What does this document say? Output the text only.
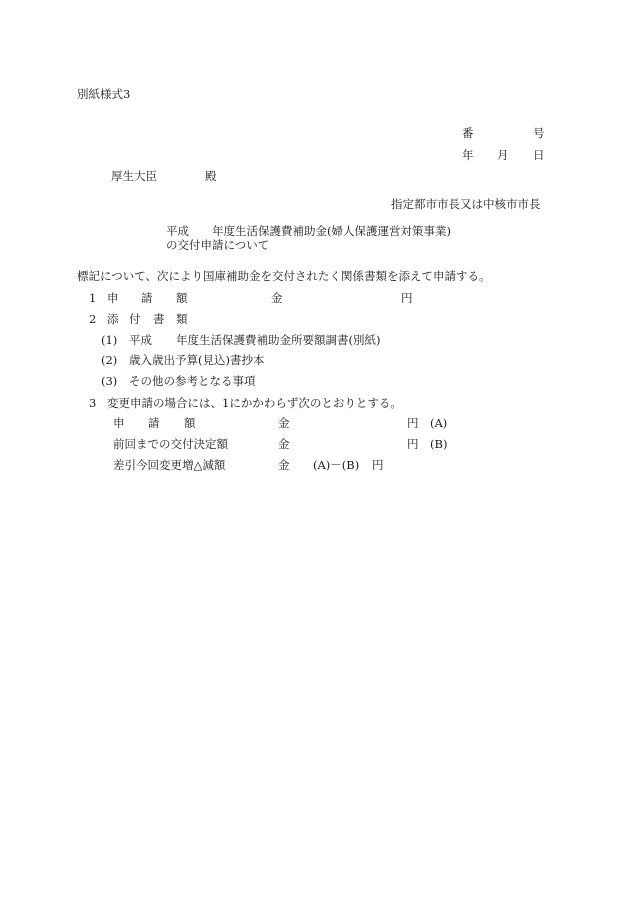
別紙様式3
番	号
年 月 日
厚生大臣	殿
指定都市市長又は中核市市長
平成 年度生活保護費補助金(婦人保護運営対策事業)
の交付申請について
標記について、次により国庫補助金を交付されたく関係書類を添えて申請する。
1 申 請 額	金	円
2 添 付 書 類
(1) 平成 年度生活保護費補助金所要額調書(別紙)
(2) 歳入歳出予算(見込)書抄本
(3) その他の参考となる事項
3 変更申請の場合には、1にかかわらず次のとおりとする。
申 請 額	金	円 (A)
前回までの交付決定額	金	円 (B)
差引今回変更増△減額	金 (A)－(B) 円
